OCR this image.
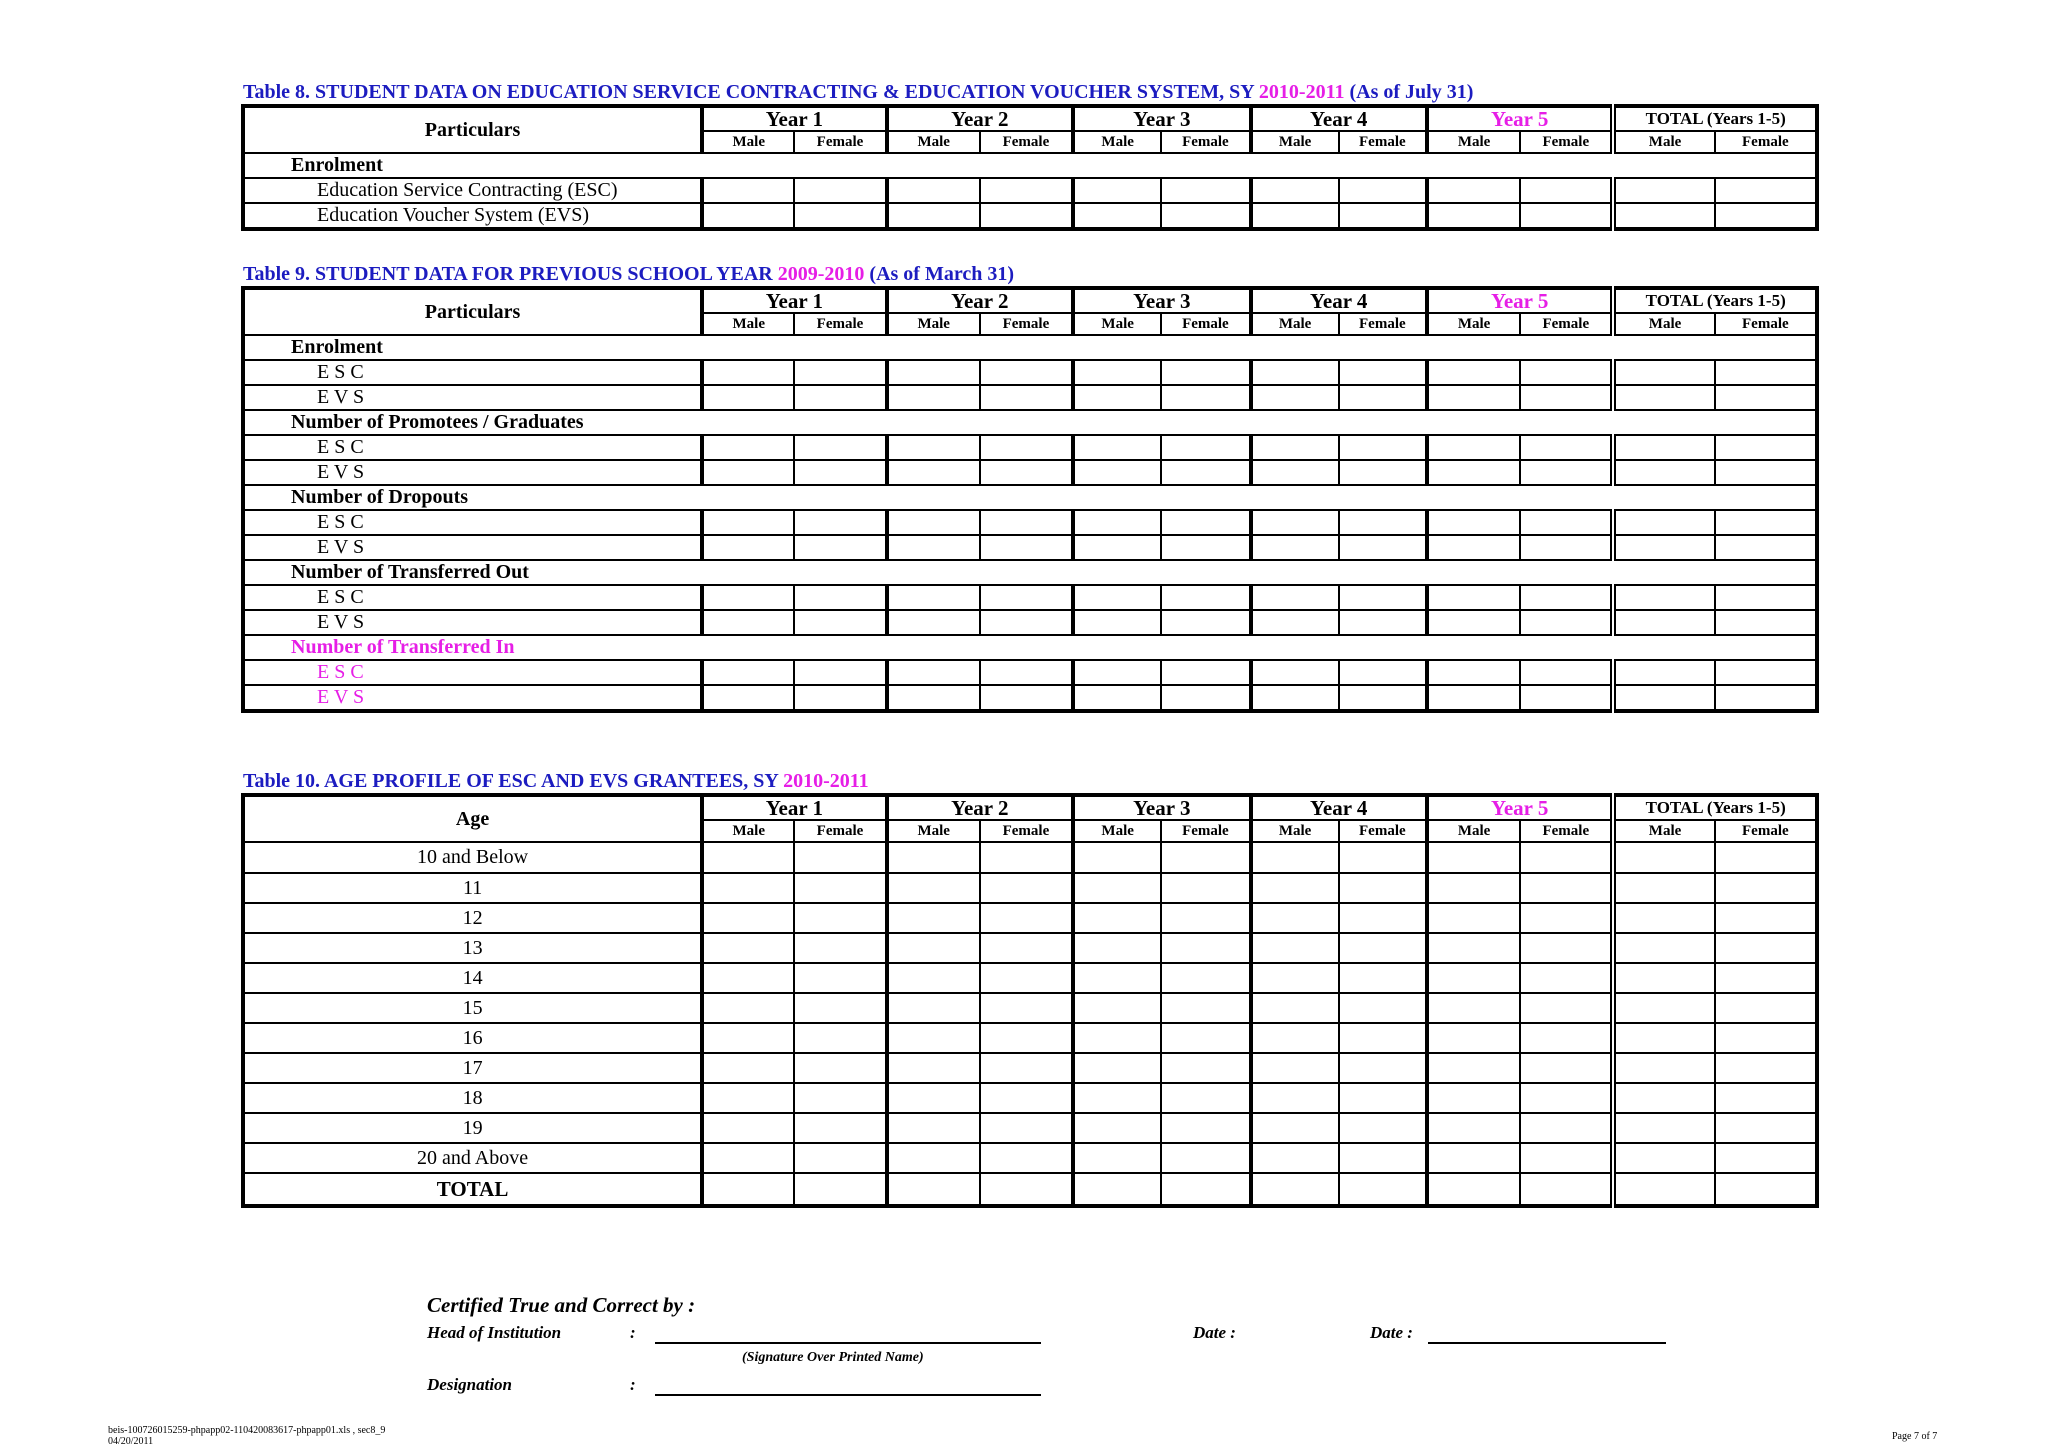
Table 8. STUDENT DATA ON EDUCATION SERVICE CONTRACTING & EDUCATION VOUCHER SYSTEM, SY 2010-2011 (As of July 31)
Particulars	Year 1		Year 2		Year 3		Year 4		Year 5		TOTAL (Years 1-5)	
	Male	Female	Male	Female	Male	Female	Male	Female	Male	Female	Male	Female
Enrolment												
Education Service Contracting (ESC)												
Education Voucher System (EVS)												
Table 9. STUDENT DATA FOR PREVIOUS SCHOOL YEAR 2009-2010 (As of March 31)
Particulars	Year 1		Year 2		Year 3		Year 4		Year 5		TOTAL (Years 1-5)	
	Male	Female	Male	Female	Male	Female	Male	Female	Male	Female	Male	Female
Enrolment												
E S C												
E V S												
Number of Promotees / Graduates												
E S C												
E V S												
Number of Dropouts												
E S C												
E V S												
Number of Transferred Out												
E S C												
E V S												
Number of Transferred In												
E S C												
E V S												
Table 10. AGE PROFILE OF ESC AND EVS GRANTEES, SY 2010-2011
Age	Year 1		Year 2		Year 3		Year 4		Year 5		TOTAL (Years 1-5)	
	Male	Female	Male	Female	Male	Female	Male	Female	Male	Female	Male	Female
10 and Below												
11												
12												
13												
14												
15												
16												
17												
18												
19												
20 and Above												
TOTAL												
Certified True and Correct by :
Head of Institution	:
(Signature Over Printed Name)
Designation	:
Date :	Date :
beis-100726015259-phpapp02-110420083617-phpapp01.xls , sec8_9
04/20/2011	Page 7 of 7
